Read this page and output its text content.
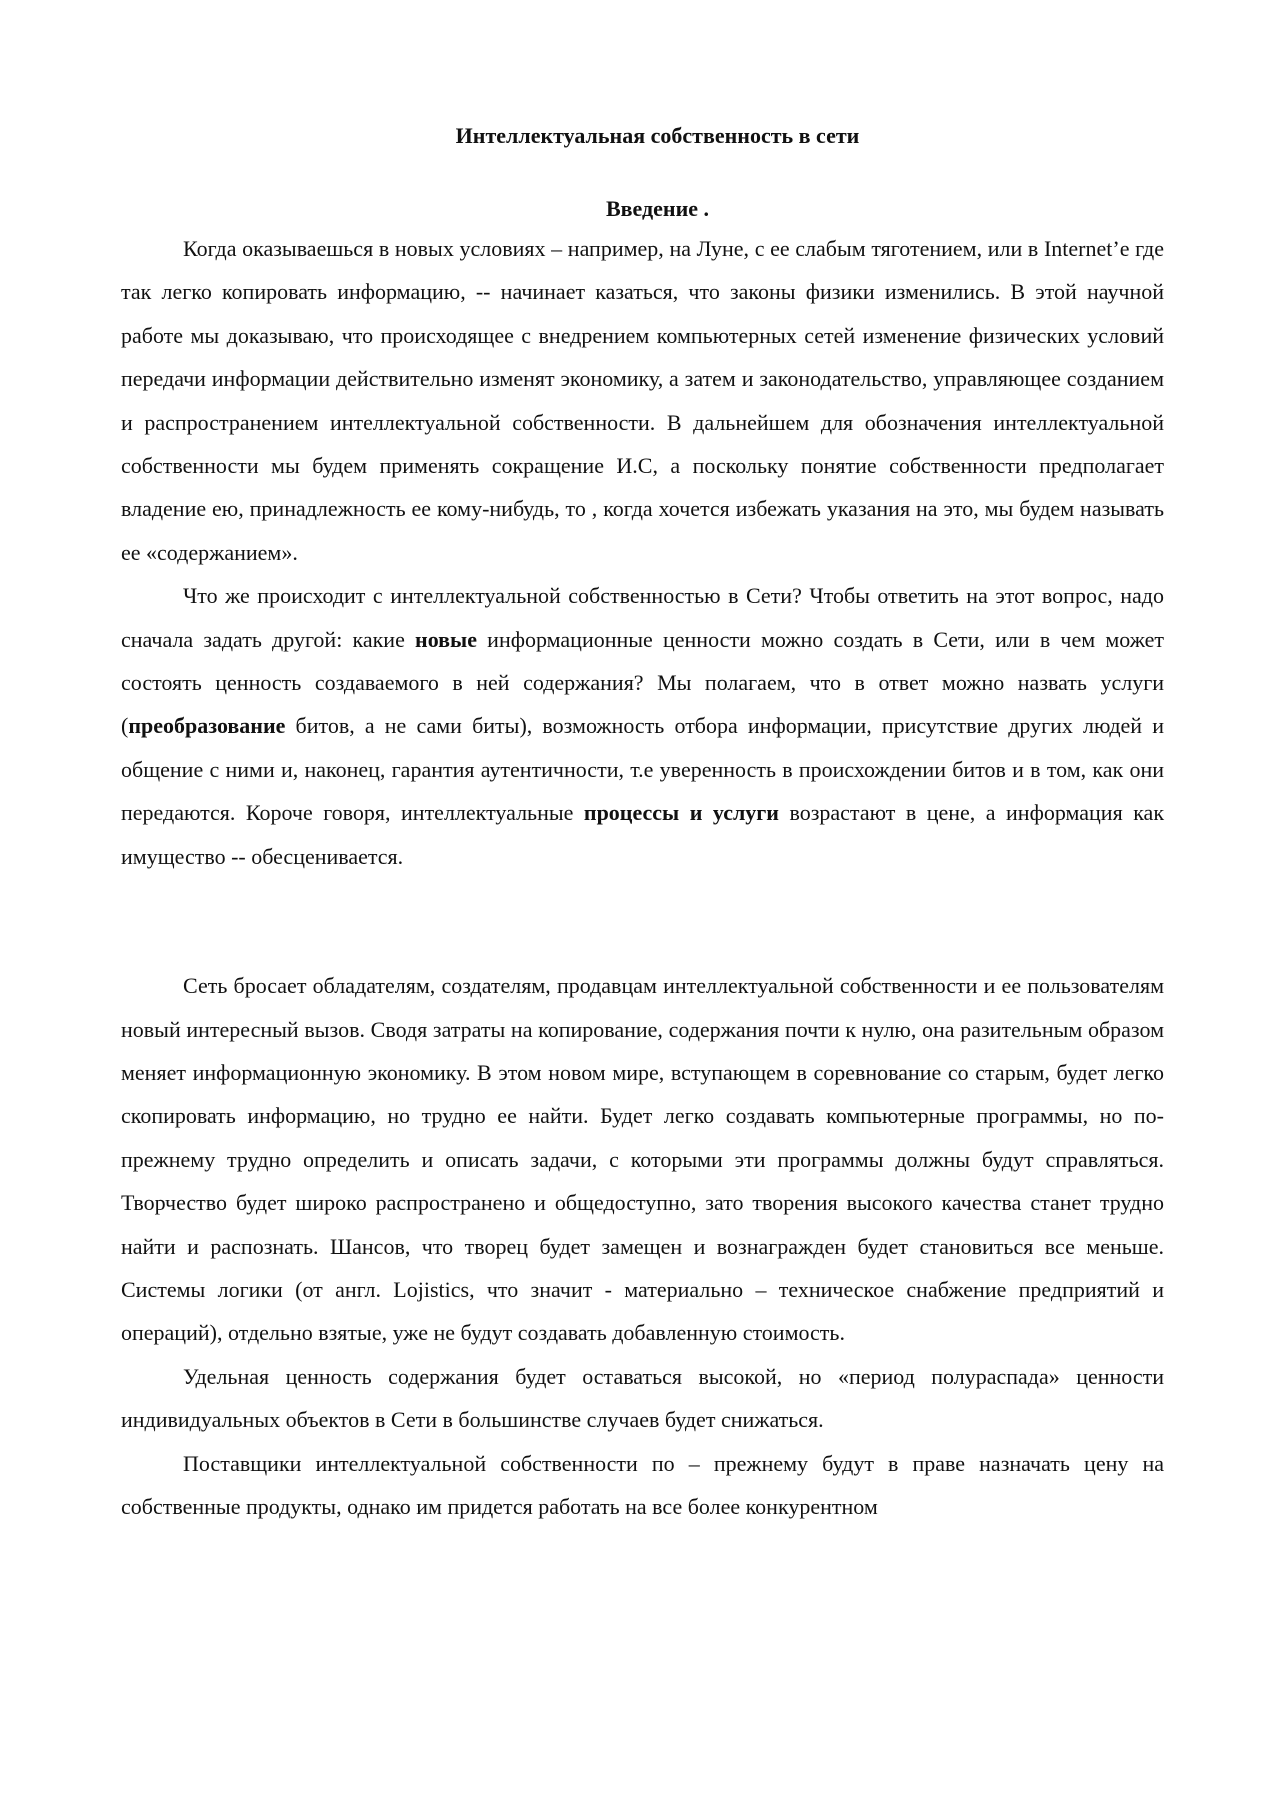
Интеллектуальная собственность в сети
Введение .

Когда оказываешься в новых условиях – например, на Луне, с ее слабым тяготением, или в Internet’е где так легко копировать информацию, -- начинает казаться, что законы физики изменились. В этой научной работе мы доказываю, что происходящее с внедрением компьютерных сетей изменение физических условий передачи информации действительно изменят экономику, а затем и законодательство, управляющее созданием и распространением интеллектуальной собственности. В дальнейшем для обозначения интеллектуальной собственности мы будем применять сокращение И.С, а поскольку понятие собственности предполагает владение ею, принадлежность ее кому-нибудь, то , когда хочется избежать указания на это, мы будем называть ее «содержанием».

Что же происходит с интеллектуальной собственностью в Сети? Чтобы ответить на этот вопрос, надо сначала задать другой: какие новые информационные ценности можно создать в Сети, или в чем может состоять ценность создаваемого в ней содержания? Мы полагаем, что в ответ можно назвать услуги (преобразование битов, а не сами биты), возможность отбора информации, присутствие других людей и общение с ними и, наконец, гарантия аутентичности, т.е уверенность в происхождении битов и в том, как они передаются. Короче говоря, интеллектуальные процессы и услуги возрастают в цене, а информация как имущество -- обесценивается.

Сеть бросает обладателям, создателям, продавцам интеллектуальной собственности и ее пользователям новый интересный вызов. Сводя затраты на копирование, содержания почти к нулю, она разительным образом меняет информационную экономику. В этом новом мире, вступающем в соревнование со старым, будет легко скопировать информацию, но трудно ее найти. Будет легко создавать компьютерные программы, но по-прежнему трудно определить и описать задачи, с которыми эти программы должны будут справляться. Творчество будет широко распространено и общедоступно, зато творения высокого качества станет трудно найти и распознать. Шансов, что творец будет замещен и вознагражден будет становиться все меньше. Системы логики (от англ. Lojistics, что значит - материально – техническое снабжение предприятий и операций), отдельно взятые, уже не будут создавать добавленную стоимость.

Удельная ценность содержания будет оставаться высокой, но «период полураспада» ценности индивидуальных объектов в Сети в большинстве случаев будет снижаться.

Поставщики интеллектуальной собственности по – прежнему будут в праве назначать цену на собственные продукты, однако им придется работать на все более конкурентном
